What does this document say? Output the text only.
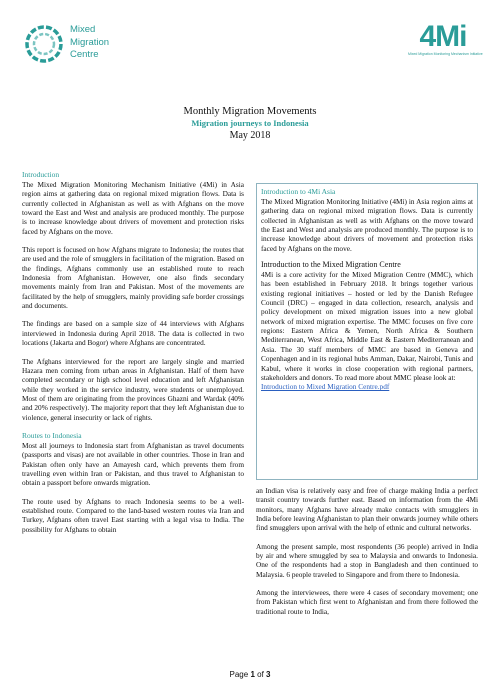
Mixed
Migration
Centre
4Mi
Mixed Migration Monitoring Mechanism Initiative
Monthly Migration Movements
Migration journeys to Indonesia
May 2018
Introduction

The Mixed Migration Monitoring Mechanism Initiative (4Mi) in Asia region aims at gathering data on regional mixed migration flows. Data is currently collected in Afghanistan as well as with Afghans on the move toward the East and West and analysis are produced monthly. The purpose is to increase knowledge about drivers of movement and protection risks faced by Afghans on the move.

This report is focused on how Afghans migrate to Indonesia; the routes that are used and the role of smugglers in facilitation of the migration. Based on the findings, Afghans commonly use an established route to reach Indonesia from Afghanistan. However, one also finds secondary movements mainly from Iran and Pakistan. Most of the movements are facilitated by the help of smugglers, mainly providing safe border crossings and documents.

The findings are based on a sample size of 44 interviews with Afghans interviewed in Indonesia during April 2018. The data is collected in two locations (Jakarta and Bogor) where Afghans are concentrated.

The Afghans interviewed for the report are largely single and married Hazara men coming from urban areas in Afghanistan. Half of them have completed secondary or high school level education and left Afghanistan while they worked in the service industry, were students or unemployed. Most of them are originating from the provinces Ghazni and Wardak (40% and 20% respectively). The majority report that they left Afghanistan due to violence, general insecurity or lack of rights.

Routes to Indonesia

Most all journeys to Indonesia start from Afghanistan as travel documents (passports and visas) are not available in other countries. Those in Iran and Pakistan often only have an Amayesh card, which prevents them from travelling even within Iran or Pakistan, and thus travel to Afghanistan to obtain a passport before onwards migration.

The route used by Afghans to reach Indonesia seems to be a well-established route. Compared to the land-based western routes via Iran and Turkey, Afghans often travel East starting with a legal visa to India. The possibility for Afghans to obtain

Introduction to 4Mi Asia

The Mixed Migration Monitoring Initiative (4Mi) in Asia region aims at gathering data on regional mixed migration flows. Data is currently collected in Afghanistan as well as with Afghans on the move toward the East and West and analysis are produced monthly. The purpose is to increase knowledge about drivers of movement and protection risks faced by Afghans on the move.

Introduction to the Mixed Migration Centre

4Mi is a core activity for the Mixed Migration Centre (MMC), which has been established in February 2018. It brings together various existing regional initiatives – hosted or led by the Danish Refugee Council (DRC) – engaged in data collection, research, analysis and policy development on mixed migration issues into a new global network of mixed migration expertise. The MMC focuses on five core regions: Eastern Africa & Yemen, North Africa & Southern Mediterranean, West Africa, Middle East & Eastern Mediterranean and Asia. The 30 staff members of MMC are based in Geneva and Copenhagen and in its regional hubs Amman, Dakar, Nairobi, Tunis and Kabul, where it works in close cooperation with regional partners, stakeholders and donors. To read more about MMC please look at:

Introduction to Mixed Migration Centre.pdf

an Indian visa is relatively easy and free of charge making India a perfect transit country towards further east. Based on information from the 4Mi monitors, many Afghans have already make contacts with smugglers in India before leaving Afghanistan to plan their onwards journey while others find smugglers upon arrival with the help of ethnic and cultural networks.

Among the present sample, most respondents (36 people) arrived in India by air and where smuggled by sea to Malaysia and onwards to Indonesia. One of the respondents had a stop in Bangladesh and then continued to Malaysia. 6 people traveled to Singapore and from there to Indonesia.

Among the interviewees, there were 4 cases of secondary movement; one from Pakistan which first went to Afghanistan and from there followed the traditional route to India,

Page 1 of 3
